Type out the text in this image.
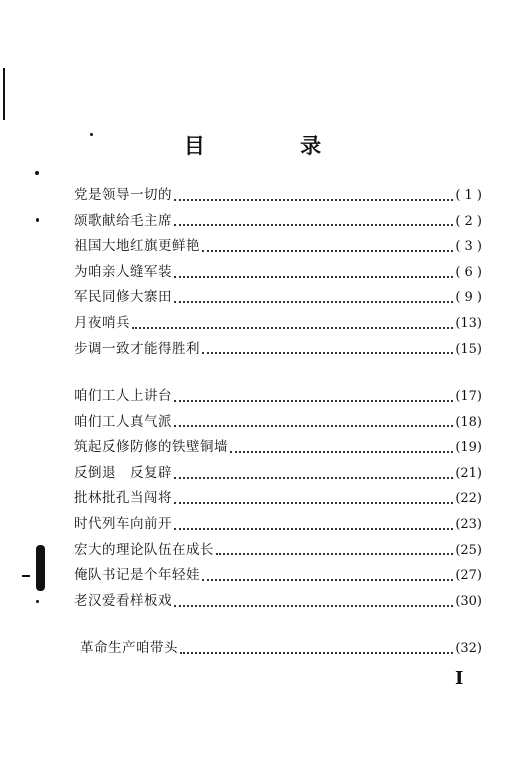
目 录
党是领导一切的	( 1 )
颂歌献给毛主席	( 2 )
祖国大地红旗更鲜艳	( 3 )
为咱亲人缝军装	( 6 )
军民同修大寨田	( 9 )
月夜哨兵	(13)
步调一致才能得胜利	(15)
咱们工人上讲台	(17)
咱们工人真气派	(18)
筑起反修防修的铁壁铜墙	(19)
反倒退　反复辟	(21)
批林批孔当闯将	(22)
时代列车向前开	(23)
宏大的理论队伍在成长	(25)
俺队书记是个年轻娃	(27)
老汉爱看样板戏	(30)
革命生产咱带头	(32)
I
